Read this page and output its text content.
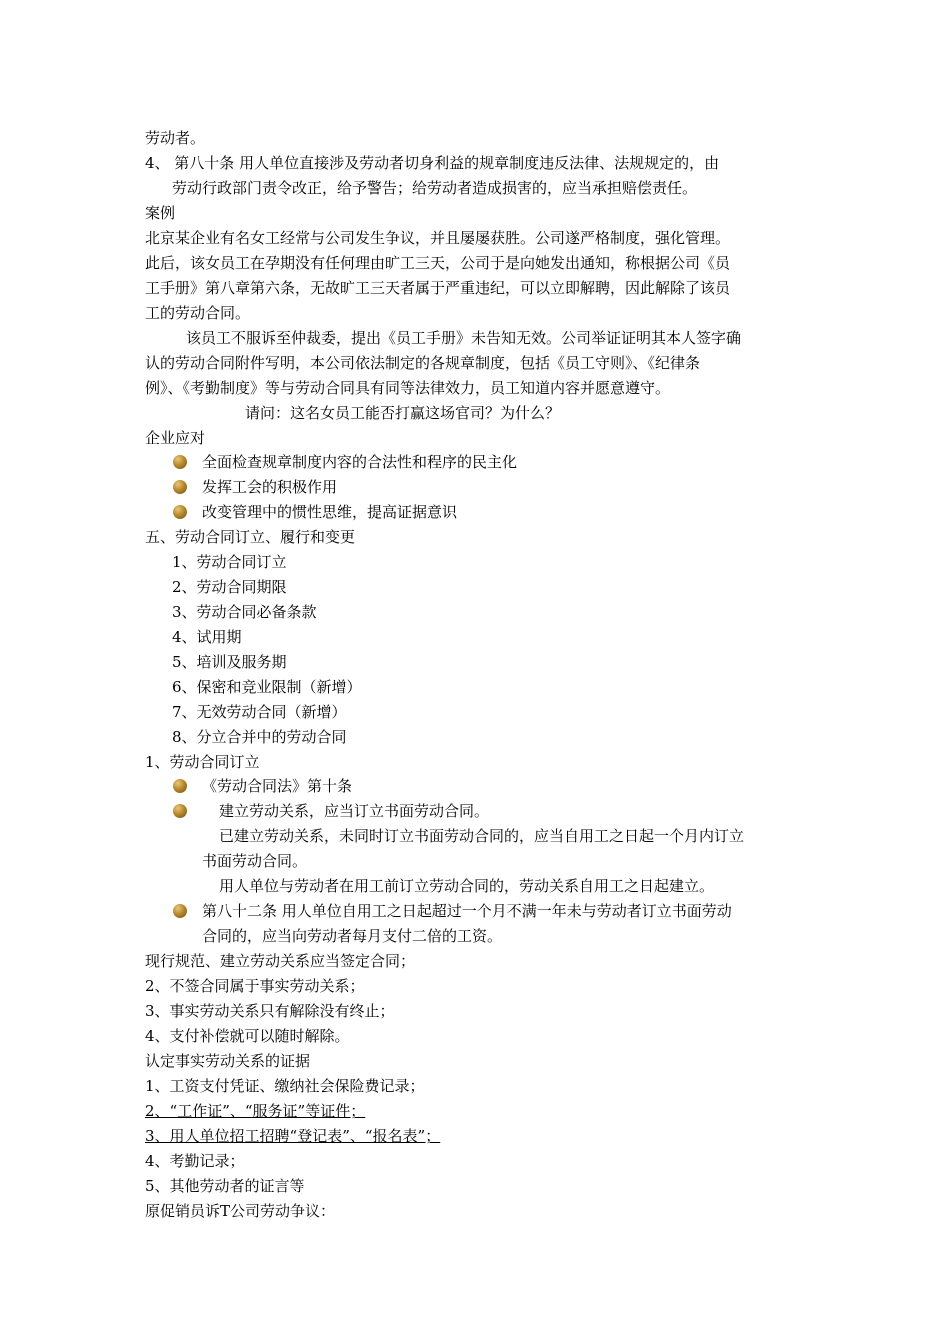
劳动者。
4、 第八十条 用人单位直接涉及劳动者切身利益的规章制度违反法律、法规规定的，由
劳动行政部门责令改正，给予警告；给劳动者造成损害的，应当承担赔偿责任。
案例
北京某企业有名女工经常与公司发生争议，并且屡屡获胜。公司遂严格制度，强化管理。
此后，该女员工在孕期没有任何理由旷工三天，公司于是向她发出通知，称根据公司《员
工手册》第八章第六条，无故旷工三天者属于严重违纪，可以立即解聘，因此解除了该员
工的劳动合同。
该员工不服诉至仲裁委，提出《员工手册》未告知无效。公司举证证明其本人签字确
认的劳动合同附件写明，本公司依法制定的各规章制度，包括《员工守则》、《纪律条
例》、《考勤制度》等与劳动合同具有同等法律效力，员工知道内容并愿意遵守。
请问：这名女员工能否打赢这场官司？为什么？
企业应对
全面检查规章制度内容的合法性和程序的民主化
发挥工会的积极作用
改变管理中的惯性思维，提高证据意识
五、劳动合同订立、履行和变更
1、劳动合同订立
2、劳动合同期限
3、劳动合同必备条款
4、试用期
5、培训及服务期
6、保密和竞业限制（新增）
7、无效劳动合同（新增）
8、分立合并中的劳动合同
1、劳动合同订立
《劳动合同法》第十条
建立劳动关系，应当订立书面劳动合同。
已建立劳动关系，未同时订立书面劳动合同的，应当自用工之日起一个月内订立
书面劳动合同。
用人单位与劳动者在用工前订立劳动合同的，劳动关系自用工之日起建立。
第八十二条 用人单位自用工之日起超过一个月不满一年未与劳动者订立书面劳动
合同的，应当向劳动者每月支付二倍的工资。
现行规范、建立劳动关系应当签定合同；
2、不签合同属于事实劳动关系；
3、事实劳动关系只有解除没有终止；
4、支付补偿就可以随时解除。
认定事实劳动关系的证据
1、工资支付凭证、缴纳社会保险费记录；
2、“工作证”、“服务证”等证件；
3、用人单位招工招聘“登记表”、“报名表”；
4、考勤记录；
5、其他劳动者的证言等
原促销员诉T公司劳动争议：
